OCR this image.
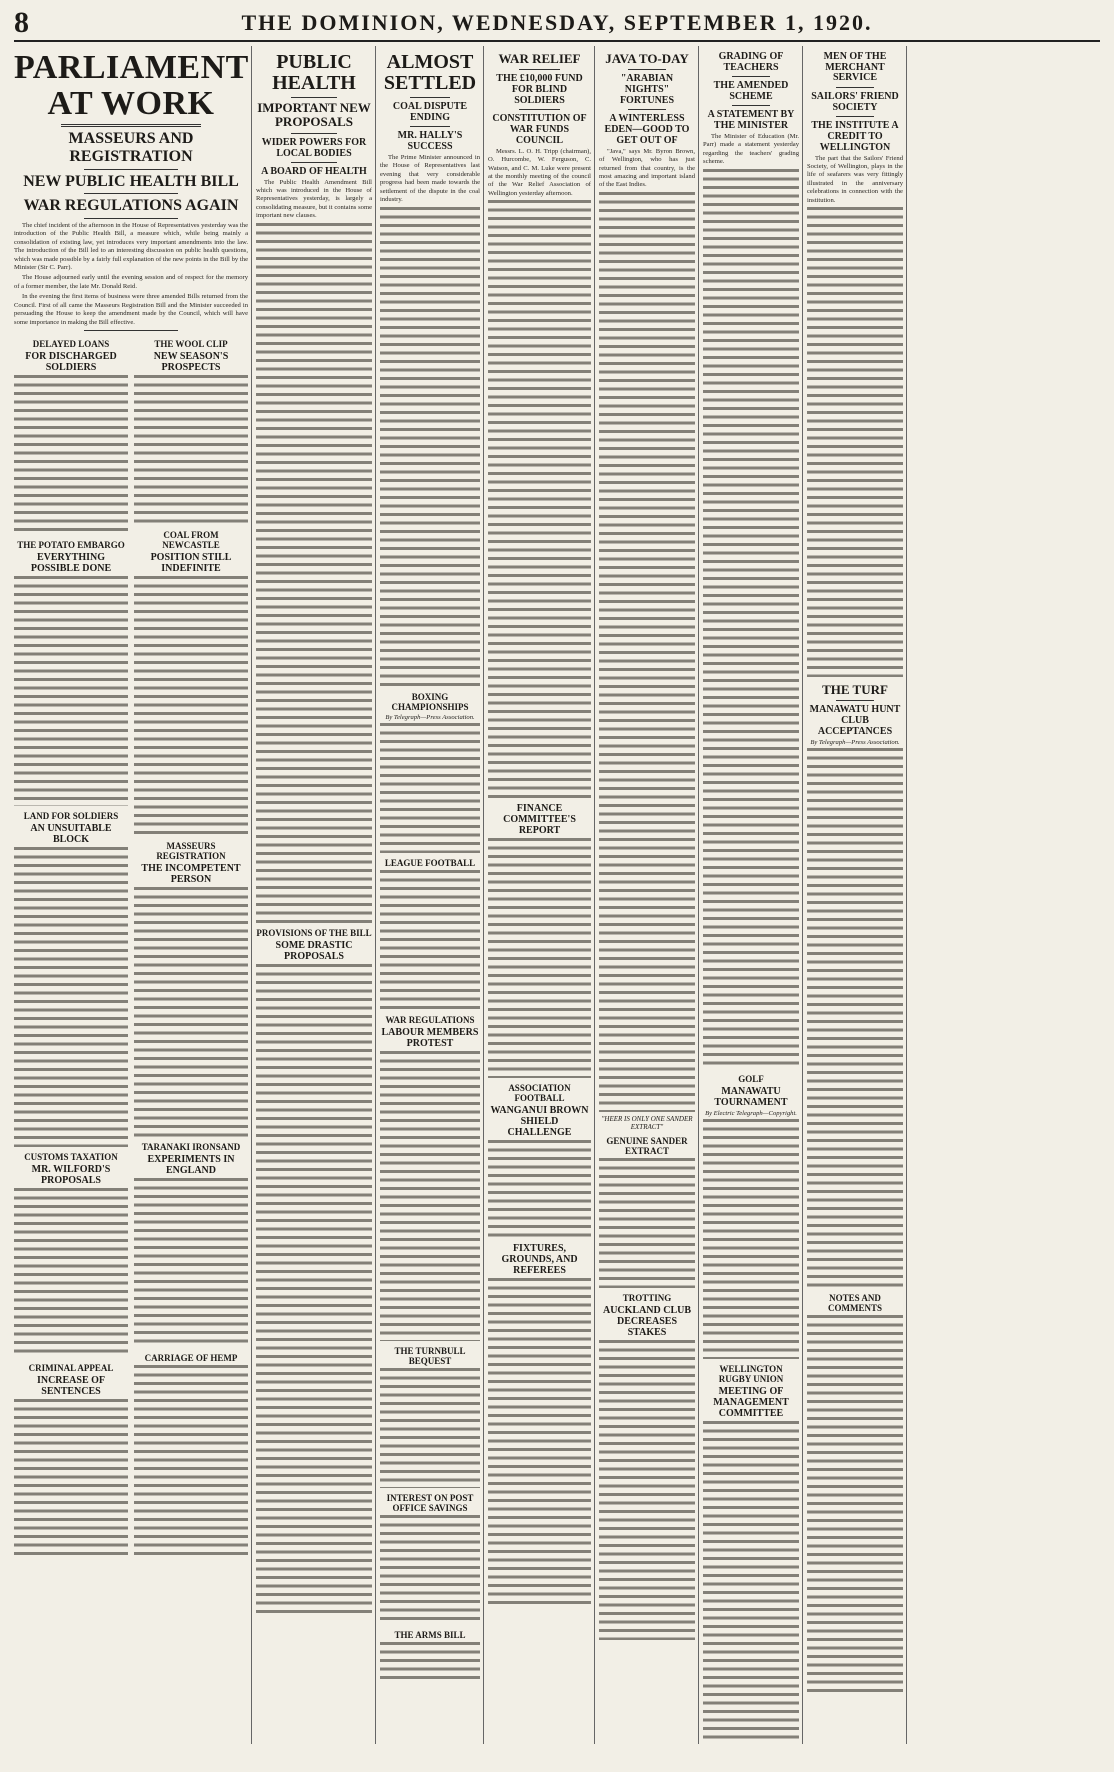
8	THE DOMINION, WEDNESDAY, SEPTEMBER 1, 1920.
PARLIAMENT AT WORK
MASSEURS AND REGISTRATION
NEW PUBLIC HEALTH BILL
WAR REGULATIONS AGAIN

The chief incident of the afternoon in the House of Representatives yesterday was the introduction of the Public Health Bill, a measure which, while being mainly a consolidation of existing law, yet introduces very important amendments into the law. The introduction of the Bill led to an interesting discussion on public health questions, which was made possible by a fairly full explanation of the new points in the Bill by the Minister (Sir C. Parr).

The House adjourned early until the evening session and of respect for the memory of a former member, the late Mr. Donald Reid.

In the evening the first items of business were three amended Bills returned from the Council. First of all came the Masseurs Registration Bill and the Minister succeeded in persuading the House to keep the amendment made by the Council, which will have some importance in making the Bill effective.

DELAYED LOANS
FOR DISCHARGED SOLDIERS
THE POTATO EMBARGO
EVERYTHING POSSIBLE DONE
LAND FOR SOLDIERS
AN UNSUITABLE BLOCK
CUSTOMS TAXATION
MR. WILFORD'S PROPOSALS
CRIMINAL APPEAL
INCREASE OF SENTENCES
THE WOOL CLIP
NEW SEASON'S PROSPECTS
COAL FROM NEWCASTLE
POSITION STILL INDEFINITE
MASSEURS REGISTRATION
THE INCOMPETENT PERSON
TARANAKI IRONSAND
EXPERIMENTS IN ENGLAND
CARRIAGE OF HEMP
PUBLIC HEALTH
IMPORTANT NEW PROPOSALS
WIDER POWERS FOR LOCAL BODIES
A BOARD OF HEALTH

The Public Health Amendment Bill which was introduced in the House of Representatives yesterday, is largely a consolidating measure, but it contains some important new clauses.

PROVISIONS OF THE BILL
SOME DRASTIC PROPOSALS
ALMOST SETTLED
COAL DISPUTE ENDING
MR. HALLY'S SUCCESS

The Prime Minister announced in the House of Representatives last evening that very considerable progress had been made towards the settlement of the dispute in the coal industry.

BOXING CHAMPIONSHIPS
By Telegraph—Press Association.
LEAGUE FOOTBALL
WAR REGULATIONS
LABOUR MEMBERS PROTEST
THE TURNBULL BEQUEST
INTEREST ON POST OFFICE SAVINGS
THE ARMS BILL
WAR RELIEF
THE £10,000 FUND FOR BLIND SOLDIERS
CONSTITUTION OF WAR FUNDS COUNCIL

Messrs. L. O. H. Tripp (chairman), O. Hurcombe, W. Ferguson, C. Watson, and C. M. Luke were present at the monthly meeting of the council of the War Relief Association of Wellington yesterday afternoon.

FINANCE COMMITTEE'S REPORT
ASSOCIATION FOOTBALL
WANGANUI BROWN SHIELD CHALLENGE
FIXTURES, GROUNDS, AND REFEREES
JAVA TO-DAY
"ARABIAN NIGHTS" FORTUNES
A WINTERLESS EDEN—GOOD TO GET OUT OF

"Java," says Mr. Byron Brown, of Wellington, who has just returned from that country, is the most amazing and important island of the East Indies.

"HEER IS ONLY ONE SANDER EXTRACT"
GENUINE SANDER EXTRACT
TROTTING
AUCKLAND CLUB DECREASES STAKES
GRADING OF TEACHERS
THE AMENDED SCHEME
A STATEMENT BY THE MINISTER

The Minister of Education (Mr. Parr) made a statement yesterday regarding the teachers' grading scheme.

GOLF
MANAWATU TOURNAMENT
By Electric Telegraph—Copyright.
WELLINGTON RUGBY UNION
MEETING OF MANAGEMENT COMMITTEE
MEN OF THE MERCHANT SERVICE
SAILORS' FRIEND SOCIETY
THE INSTITUTE A CREDIT TO WELLINGTON

The part that the Sailors' Friend Society, of Wellington, plays in the life of seafarers was very fittingly illustrated in the anniversary celebrations in connection with the institution.

THE TURF
MANAWATU HUNT CLUB ACCEPTANCES
By Telegraph—Press Association.
NOTES AND COMMENTS
